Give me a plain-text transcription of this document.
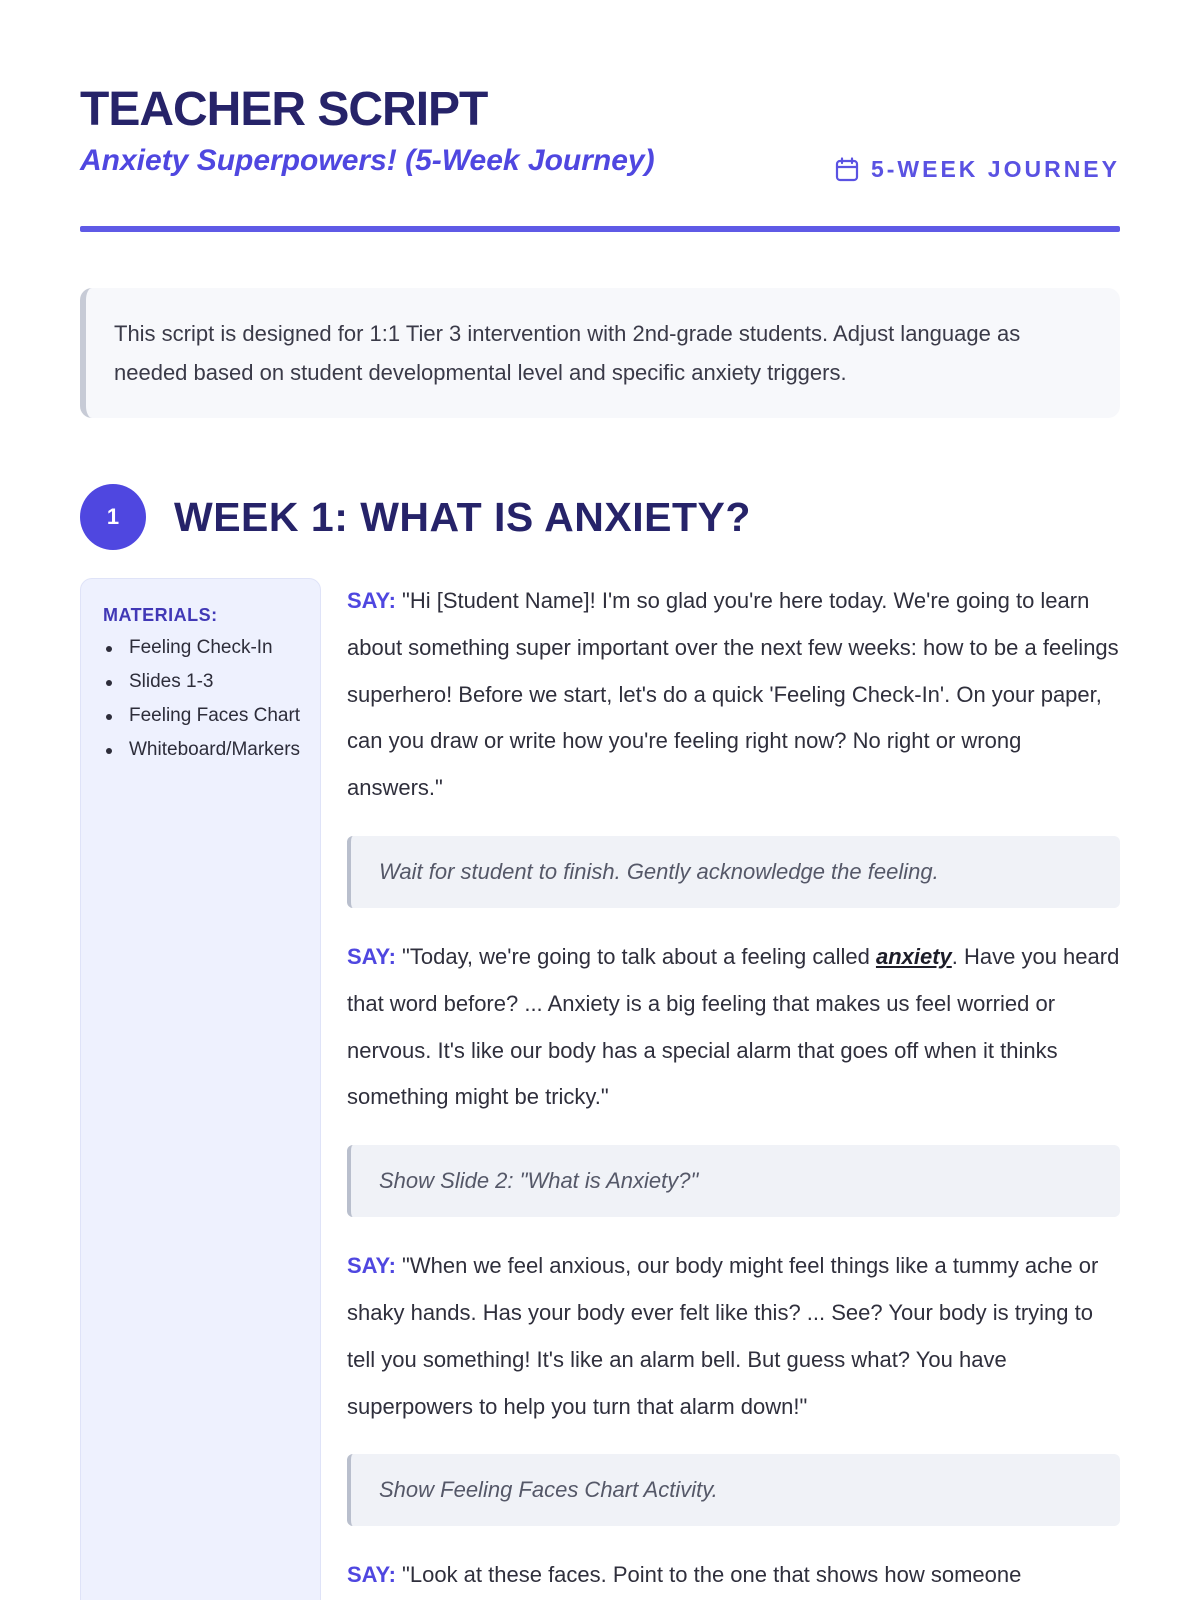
TEACHER SCRIPT
Anxiety Superpowers! (5-Week Journey)	5-WEEK JOURNEY

This script is designed for 1:1 Tier 3 intervention with 2nd-grade students. Adjust language as needed based on student developmental level and specific anxiety triggers.

1	WEEK 1: WHAT IS ANXIETY?
MATERIALS:
Feeling Check-In
Slides 1-3
Feeling Faces Chart
Whiteboard/Markers

SAY: "Hi [Student Name]! I'm so glad you're here today. We're going to learn about something super important over the next few weeks: how to be a feelings superhero! Before we start, let's do a quick 'Feeling Check-In'. On your paper, can you draw or write how you're feeling right now? No right or wrong answers."

Wait for student to finish. Gently acknowledge the feeling.

SAY: "Today, we're going to talk about a feeling called anxiety. Have you heard that word before? ... Anxiety is a big feeling that makes us feel worried or nervous. It's like our body has a special alarm that goes off when it thinks something might be tricky."

Show Slide 2: "What is Anxiety?"

SAY: "When we feel anxious, our body might feel things like a tummy ache or shaky hands. Has your body ever felt like this? ... See? Your body is trying to tell you something! It's like an alarm bell. But guess what? You have superpowers to help you turn that alarm down!"

Show Feeling Faces Chart Activity.

SAY: "Look at these faces. Point to the one that shows how someone
